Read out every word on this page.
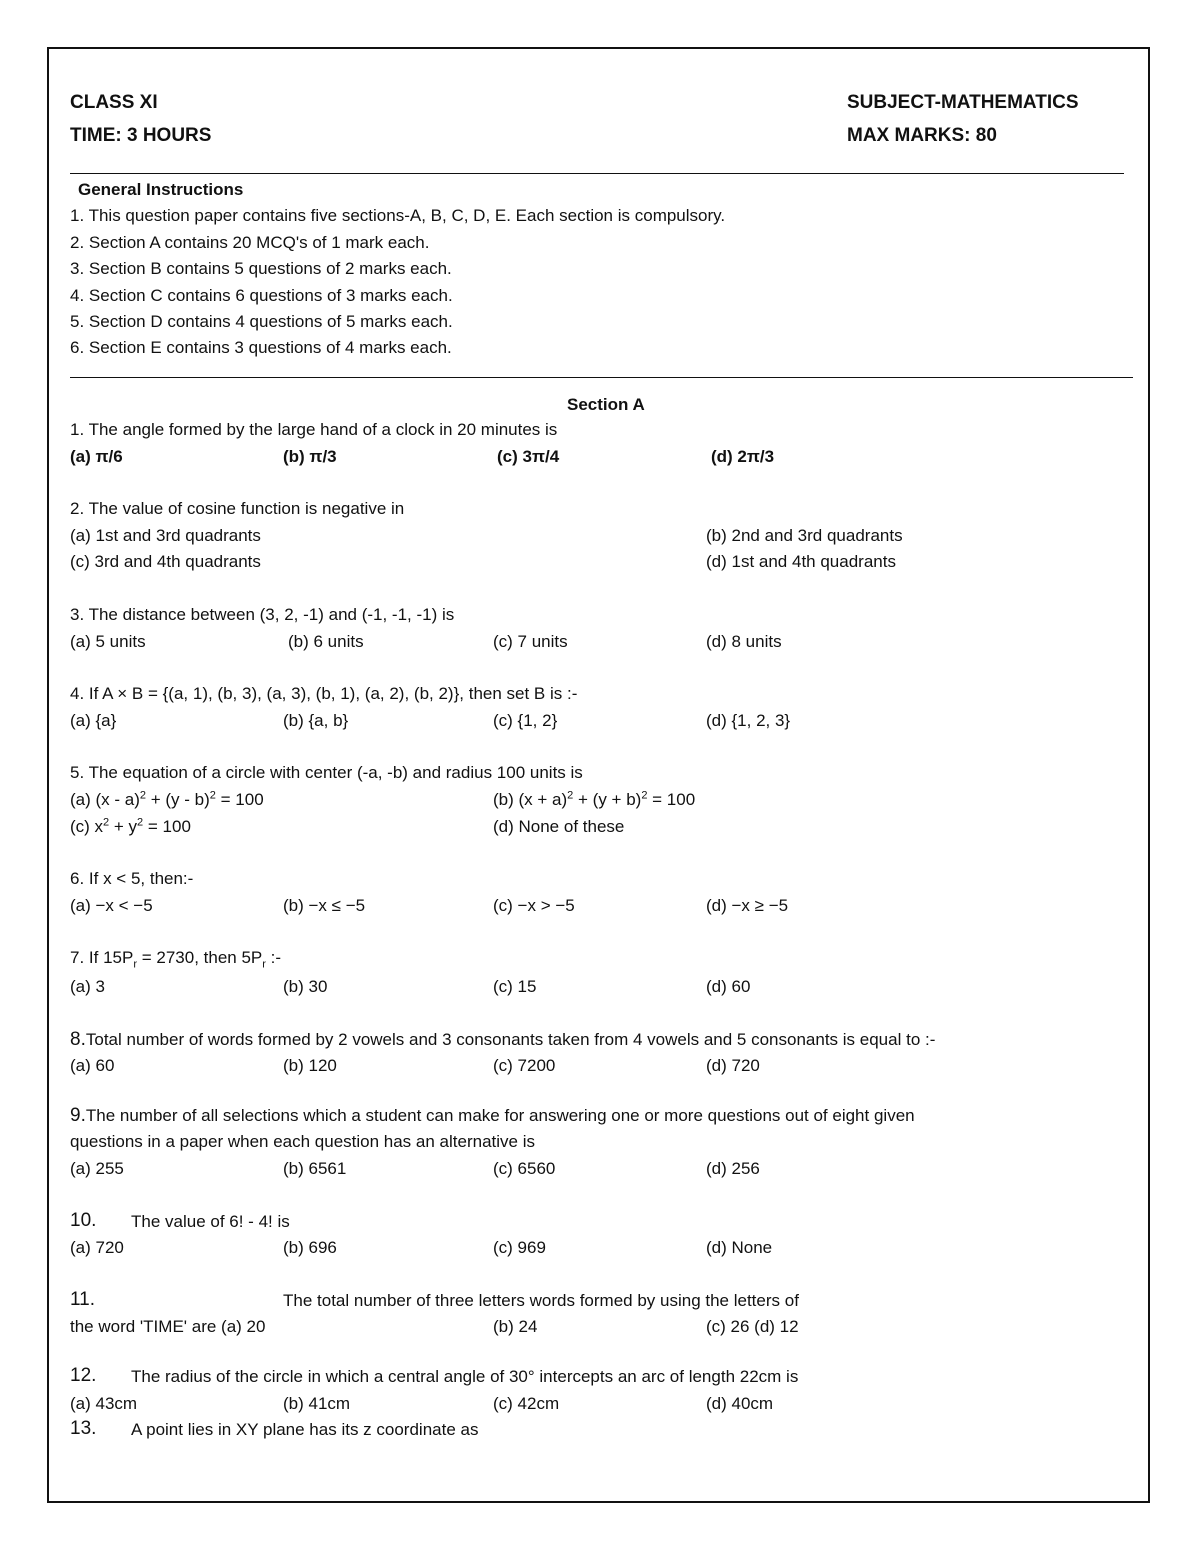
CLASS XI
TIME: 3 HOURS
SUBJECT-MATHEMATICS
MAX MARKS: 80
General Instructions
1. This question paper contains five sections-A, B, C, D, E. Each section is compulsory.
2. Section A contains 20 MCQ's of 1 mark each.
3. Section B contains 5 questions of 2 marks each.
4. Section C contains 6 questions of 3 marks each.
5. Section D contains 4 questions of 5 marks each.
6. Section E contains 3 questions of 4 marks each.
Section A
1. The angle formed by the large hand of a clock in 20 minutes is
(a) π/6	(b) π/3	(c) 3π/4	(d) 2π/3
2. The value of cosine function is negative in
(a) 1st and 3rd quadrants	(b) 2nd and 3rd quadrants
(c) 3rd and 4th quadrants	(d) 1st and 4th quadrants
3. The distance between (3, 2, -1) and (-1, -1, -1) is
(a) 5 units	(b) 6 units	(c) 7 units	(d) 8 units
4. If A × B = {(a, 1), (b, 3), (a, 3), (b, 1), (a, 2), (b, 2)}, then set B is :-
(a) {a}	(b) {a, b}	(c) {1, 2}	(d) {1, 2, 3}
5. The equation of a circle with center (-a, -b) and radius 100 units is
(a) (x - a)$^2$ + (y - b)$^2$ = 100	(b) $(x + a)^2 + (y + b)^2 = 100$
(c) $x^2 + y^2 = 100$	(d) None of these
6. If x < 5, then:-
(a) −x < −5	(b) −x ≤ −5	(c) −x > −5	(d) −x ≥ −5
7. If $15P_r = 2730$, then $5P_r$ :-
(a) 3	(b) 30	(c) 15	(d) 60
8.Total number of words formed by 2 vowels and 3 consonants taken from 4 vowels and 5 consonants is equal to :-
(a) 60	(b) 120	(c) 7200	(d) 720
9.The number of all selections which a student can make for answering one or more questions out of eight given
questions in a paper when each question has an alternative is
(a) 255	(b) 6561	(c) 6560	(d) 256
10. The value of 6! - 4! is
(a) 720	(b) 696	(c) 969	(d) None
11.	The total number of three letters words formed by using the letters of
the word 'TIME' are (a) 20	(b) 24	(c) 26 (d) 12
12. The radius of the circle in which a central angle of 30° intercepts an arc of length 22cm is
(a) 43cm	(b) 41cm	(c) 42cm	(d) 40cm
13. A point lies in XY plane has its z coordinate as
